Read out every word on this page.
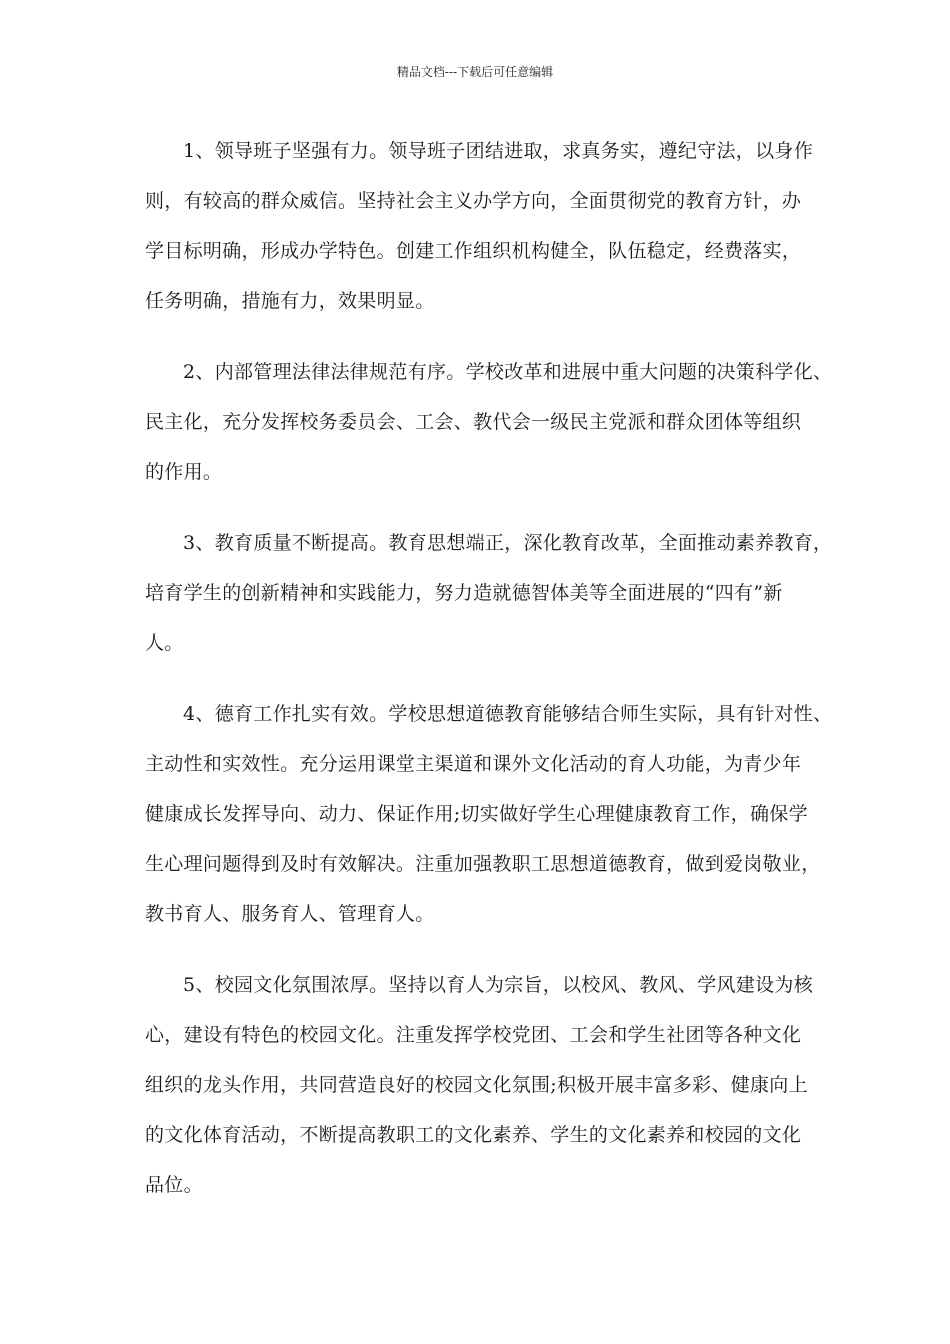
精品文档---下载后可任意编辑
1、领导班子坚强有力。领导班子团结进取，求真务实，遵纪守法，以身作
则，有较高的群众威信。坚持社会主义办学方向，全面贯彻党的教育方针，办
学目标明确，形成办学特色。创建工作组织机构健全，队伍稳定，经费落实，
任务明确，措施有力，效果明显。
2、内部管理法律法律规范有序。学校改革和进展中重大问题的决策科学化、
民主化，充分发挥校务委员会、工会、教代会一级民主党派和群众团体等组织
的作用。
3、教育质量不断提高。教育思想端正，深化教育改革，全面推动素养教育，
培育学生的创新精神和实践能力，努力造就德智体美等全面进展的“四有”新
人。
4、德育工作扎实有效。学校思想道德教育能够结合师生实际，具有针对性、
主动性和实效性。充分运用课堂主渠道和课外文化活动的育人功能，为青少年
健康成长发挥导向、动力、保证作用;切实做好学生心理健康教育工作，确保学
生心理问题得到及时有效解决。注重加强教职工思想道德教育，做到爱岗敬业，
教书育人、服务育人、管理育人。
5、校园文化氛围浓厚。坚持以育人为宗旨，以校风、教风、学风建设为核
心，建设有特色的校园文化。注重发挥学校党团、工会和学生社团等各种文化
组织的龙头作用，共同营造良好的校园文化氛围;积极开展丰富多彩、健康向上
的文化体育活动，不断提高教职工的文化素养、学生的文化素养和校园的文化
品位。
